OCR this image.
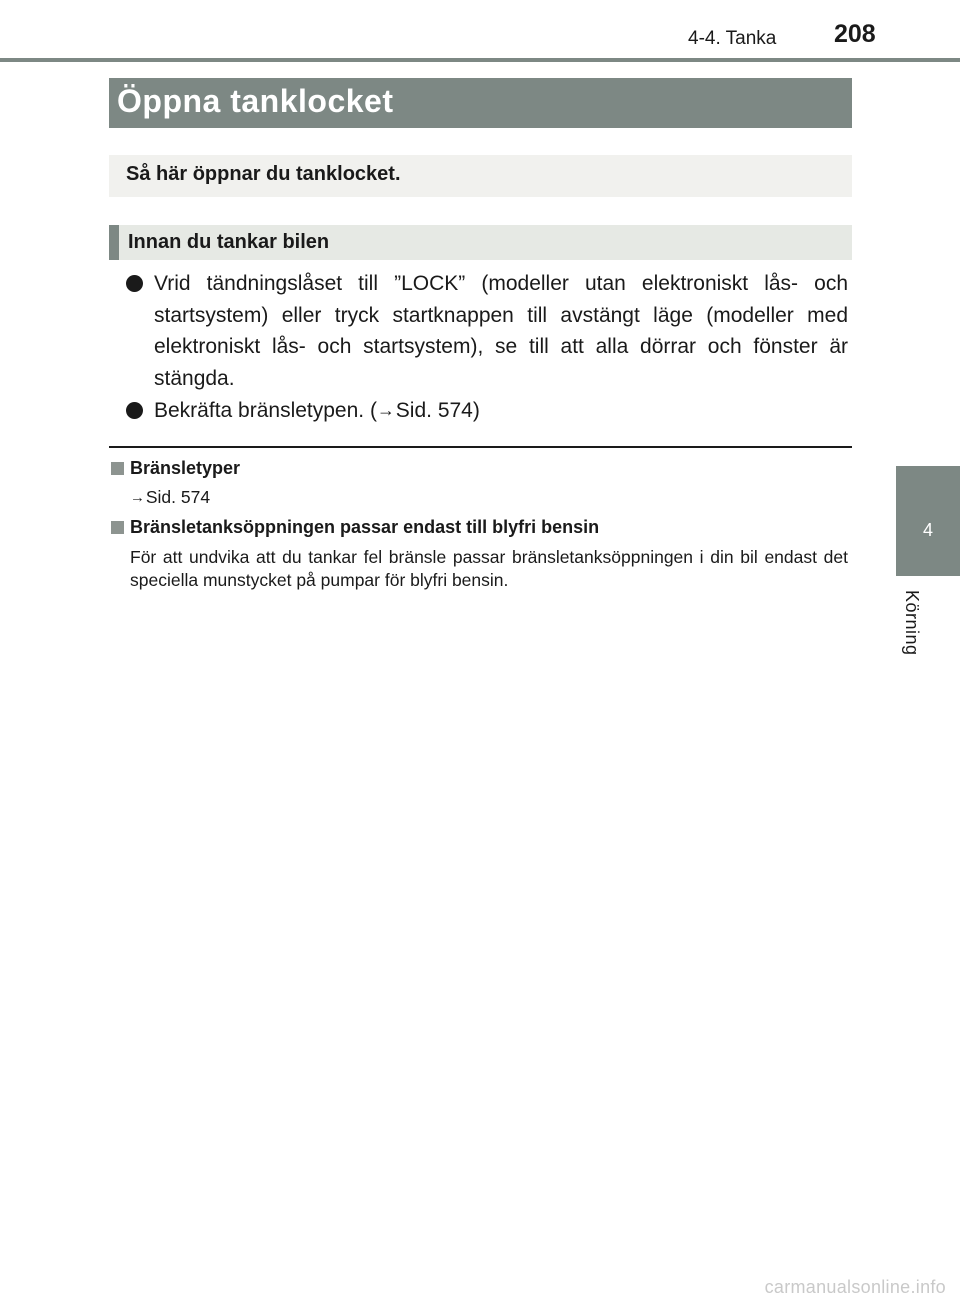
4-4. Tanka 208
4
Körning
Öppna tanklocket
Så här öppnar du tanklocket.
Innan du tankar bilen
Vrid tändningslåset till ”LOCK” (modeller utan elektroniskt lås- och startsystem) eller tryck startknappen till avstängt läge (modeller med elektroniskt lås- och startsystem), se till att alla dörrar och fönster är stängda.
Bekräfta bränsletypen. (→Sid. 574)
Bränsletyper
→Sid. 574
Bränsletanksöppningen passar endast till blyfri bensin
För att undvika att du tankar fel bränsle passar bränsletanksöppningen i din bil endast det speciella munstycket på pumpar för blyfri bensin.
carmanualsonline.info
